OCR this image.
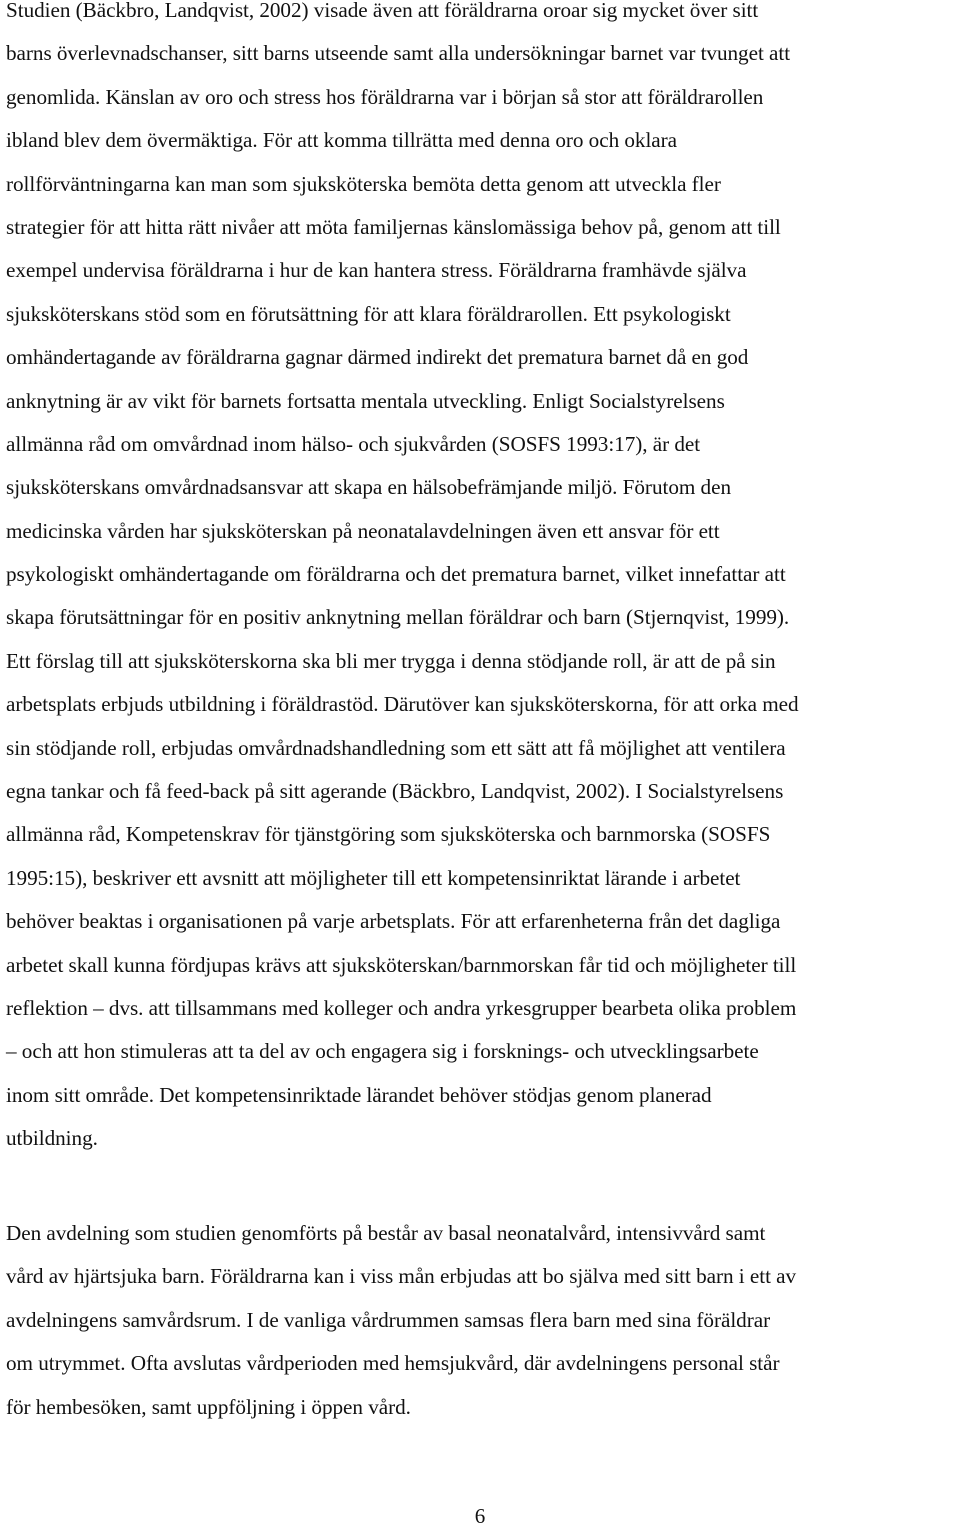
Studien (Bäckbro, Landqvist, 2002) visade även att föräldrarna oroar sig mycket över sitt
barns överlevnadschanser, sitt barns utseende samt alla undersökningar barnet var tvunget att
genomlida. Känslan av oro och stress hos föräldrarna var i början så stor att föräldrarollen
ibland blev dem övermäktiga. För att komma tillrätta med denna oro och oklara
rollförväntningarna kan man som sjuksköterska bemöta detta genom att utveckla fler
strategier för att hitta rätt nivåer att möta familjernas känslomässiga behov på, genom att till
exempel undervisa föräldrarna i hur de kan hantera stress. Föräldrarna framhävde själva
sjuksköterskans stöd som en förutsättning för att klara föräldrarollen. Ett psykologiskt
omhändertagande av föräldrarna gagnar därmed indirekt det prematura barnet då en god
anknytning är av vikt för barnets fortsatta mentala utveckling. Enligt Socialstyrelsens
allmänna råd om omvårdnad inom hälso- och sjukvården (SOSFS 1993:17), är det
sjuksköterskans omvårdnadsansvar att skapa en hälsobefrämjande miljö. Förutom den
medicinska vården har sjuksköterskan på neonatalavdelningen även ett ansvar för ett
psykologiskt omhändertagande om föräldrarna och det prematura barnet, vilket innefattar att
skapa förutsättningar för en positiv anknytning mellan föräldrar och barn (Stjernqvist, 1999).
Ett förslag till att sjuksköterskorna ska bli mer trygga i denna stödjande roll, är att de på sin
arbetsplats erbjuds utbildning i föräldrastöd. Därutöver kan sjuksköterskorna, för att orka med
sin stödjande roll, erbjudas omvårdnadshandledning som ett sätt att få möjlighet att ventilera
egna tankar och få feed-back på sitt agerande (Bäckbro, Landqvist, 2002). I Socialstyrelsens
allmänna råd, Kompetenskrav för tjänstgöring som sjuksköterska och barnmorska (SOSFS
1995:15), beskriver ett avsnitt att möjligheter till ett kompetensinriktat lärande i arbetet
behöver beaktas i organisationen på varje arbetsplats. För att erfarenheterna från det dagliga
arbetet skall kunna fördjupas krävs att sjuksköterskan/barnmorskan får tid och möjligheter till
reflektion – dvs. att tillsammans med kolleger och andra yrkesgrupper bearbeta olika problem
– och att hon stimuleras att ta del av och engagera sig i forsknings- och utvecklingsarbete
inom sitt område. Det kompetensinriktade lärandet behöver stödjas genom planerad
utbildning.
Den avdelning som studien genomförts på består av basal neonatalvård, intensivvård samt
vård av hjärtsjuka barn. Föräldrarna kan i viss mån erbjudas att bo själva med sitt barn i ett av
avdelningens samvårdsrum. I de vanliga vårdrummen samsas flera barn med sina föräldrar
om utrymmet. Ofta avslutas vårdperioden med hemsjukvård, där avdelningens personal står
för hembesöken, samt uppföljning i öppen vård.
6
